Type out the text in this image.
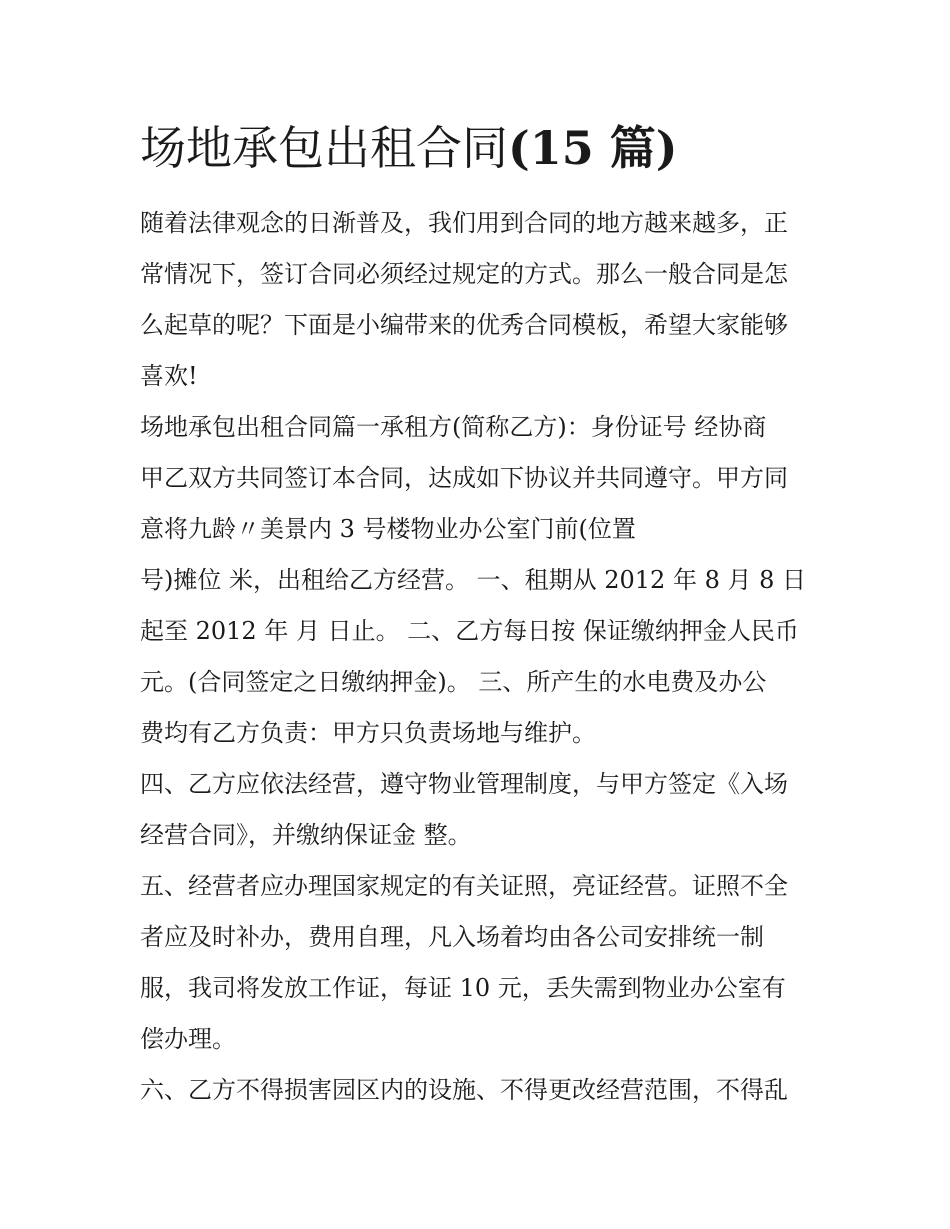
场地承包出租合同(15 篇)
随着法律观念的日渐普及，我们用到合同的地方越来越多，正
常情况下，签订合同必须经过规定的方式。那么一般合同是怎
么起草的呢？下面是小编带来的优秀合同模板，希望大家能够
喜欢!
场地承包出租合同篇一承租方(简称乙方)：身份证号 经协商
甲乙双方共同签订本合同，达成如下协议并共同遵守。甲方同
意将九龄〃美景内 3 号楼物业办公室门前(位置
号)摊位 米，出租给乙方经营。 一、租期从 2012 年 8 月 8 日
起至 2012 年 月 日止。 二、乙方每日按 保证缴纳押金人民币
元。(合同签定之日缴纳押金)。 三、所产生的水电费及办公
费均有乙方负责：甲方只负责场地与维护。
四、乙方应依法经营，遵守物业管理制度，与甲方签定《入场
经营合同》，并缴纳保证金 整。
五、经营者应办理国家规定的有关证照，亮证经营。证照不全
者应及时补办，费用自理，凡入场着均由各公司安排统一制
服，我司将发放工作证，每证 10 元，丢失需到物业办公室有
偿办理。
六、乙方不得损害园区内的设施、不得更改经营范围，不得乱
